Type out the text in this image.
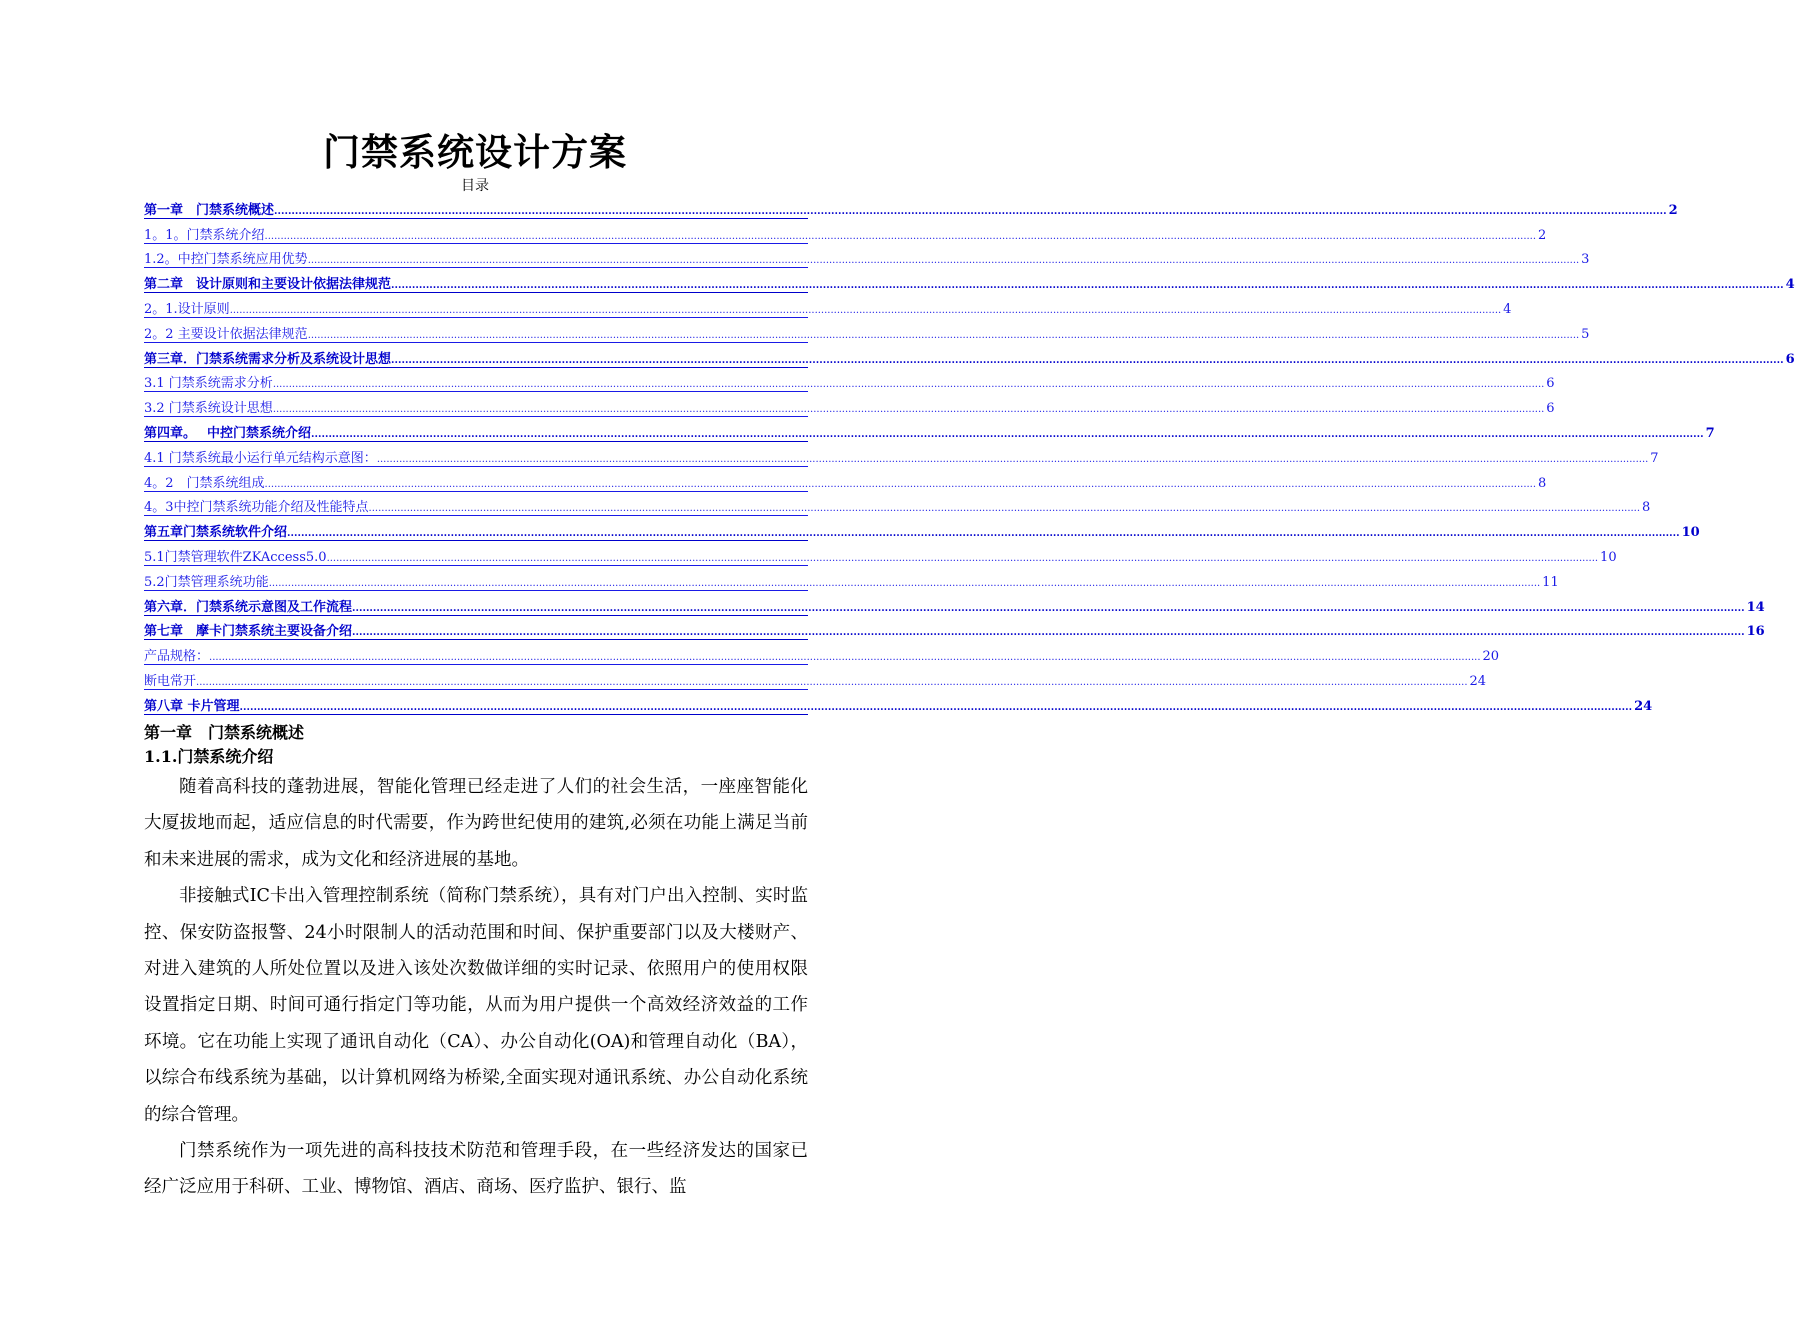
门禁系统设计方案
目录
第一章　门禁系统概述 ................................................................................................................................................................................................................................................................................................................................................................................................................ 2
1。1。门禁系统介绍 ................................................................................................................................................................................................................................................................................................................................................................................................................ 2
1.2。中控门禁系统应用优势 ................................................................................................................................................................................................................................................................................................................................................................................................................ 3
第二章　设计原则和主要设计依据法律规范 ................................................................................................................................................................................................................................................................................................................................................................................................................ 4
2。1.设计原则 ................................................................................................................................................................................................................................................................................................................................................................................................................ 4
2。2 主要设计依据法律规范 ................................................................................................................................................................................................................................................................................................................................................................................................................ 5
第三章．门禁系统需求分析及系统设计思想 ................................................................................................................................................................................................................................................................................................................................................................................................................ 6
3.1 门禁系统需求分析 ................................................................................................................................................................................................................................................................................................................................................................................................................ 6
3.2 门禁系统设计思想 ................................................................................................................................................................................................................................................................................................................................................................................................................ 6
第四章。　 中控门禁系统介绍 ................................................................................................................................................................................................................................................................................................................................................................................................................ 7
4.1 门禁系统最小运行单元结构示意图： ................................................................................................................................................................................................................................................................................................................................................................................................................ 7
4。2　门禁系统组成 ................................................................................................................................................................................................................................................................................................................................................................................................................ 8
4。3中控门禁系统功能介绍及性能特点 ................................................................................................................................................................................................................................................................................................................................................................................................................ 8
第五章门禁系统软件介绍 ................................................................................................................................................................................................................................................................................................................................................................................................................ 10
5.1门禁管理软件ZKAccess5.0 ................................................................................................................................................................................................................................................................................................................................................................................................................ 10
5.2门禁管理系统功能 ................................................................................................................................................................................................................................................................................................................................................................................................................ 11
第六章．门禁系统示意图及工作流程 ................................................................................................................................................................................................................................................................................................................................................................................................................ 14
第七章　摩卡门禁系统主要设备介绍 ................................................................................................................................................................................................................................................................................................................................................................................................................ 16
产品规格： ................................................................................................................................................................................................................................................................................................................................................................................................................ 20
断电常开 ................................................................................................................................................................................................................................................................................................................................................................................................................ 24
第八章 卡片管理 ................................................................................................................................................................................................................................................................................................................................................................................................................ 24
第一章　门禁系统概述
1.1.门禁系统介绍

随着高科技的蓬勃进展，智能化管理已经走进了人们的社会生活，一座座智能化大厦拔地而起，适应信息的时代需要，作为跨世纪使用的建筑,必须在功能上满足当前和未来进展的需求，成为文化和经济进展的基地。

非接触式IC卡出入管理控制系统（简称门禁系统），具有对门户出入控制、实时监控、保安防盗报警、24小时限制人的活动范围和时间、保护重要部门以及大楼财产、对进入建筑的人所处位置以及进入该处次数做详细的实时记录、依照用户的使用权限设置指定日期、时间可通行指定门等功能，从而为用户提供一个高效经济效益的工作环境。它在功能上实现了通讯自动化（CA）、办公自动化(OA)和管理自动化（BA），以综合布线系统为基础，以计算机网络为桥梁,全面实现对通讯系统、办公自动化系统的综合管理。

门禁系统作为一项先进的高科技技术防范和管理手段，在一些经济发达的国家已经广泛应用于科研、工业、博物馆、酒店、商场、医疗监护、银行、监
